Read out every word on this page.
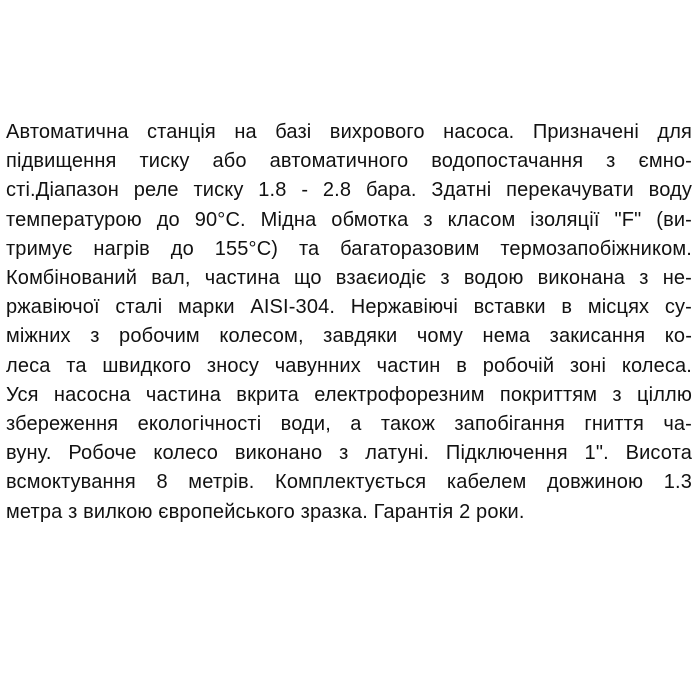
Автоматична станція на базі вихрового насоса. Призначені для
підвищення тиску або автоматичного водопостачання з ємно-
сті.Діапазон реле тиску 1.8 - 2.8 бара. Здатні перекачувати воду
температурою до 90°С. Мідна обмотка з класом ізоляції "F" (ви-
тримує нагрів до 155°С) та багаторазовим термозапобіжником.
Комбінований вал, частина що взаєиодіє з водою виконана з не-
ржавіючої сталі марки AISI-304. Нержавіючі вставки в місцях су-
міжних з робочим колесом, завдяки чому нема закисання ко-
леса та швидкого зносу чавунних частин в робочій зоні колеса.
Уся насосна частина вкрита електрофорезним покриттям з ціллю
збереження екологічності води, а також запобігання гниття ча-
вуну. Робоче колесо виконано з латуні. Підключення 1". Висота
всмоктування 8 метрів. Комплектується кабелем довжиною 1.3
метра з вилкою європейського зразка. Гарантія 2 роки.
